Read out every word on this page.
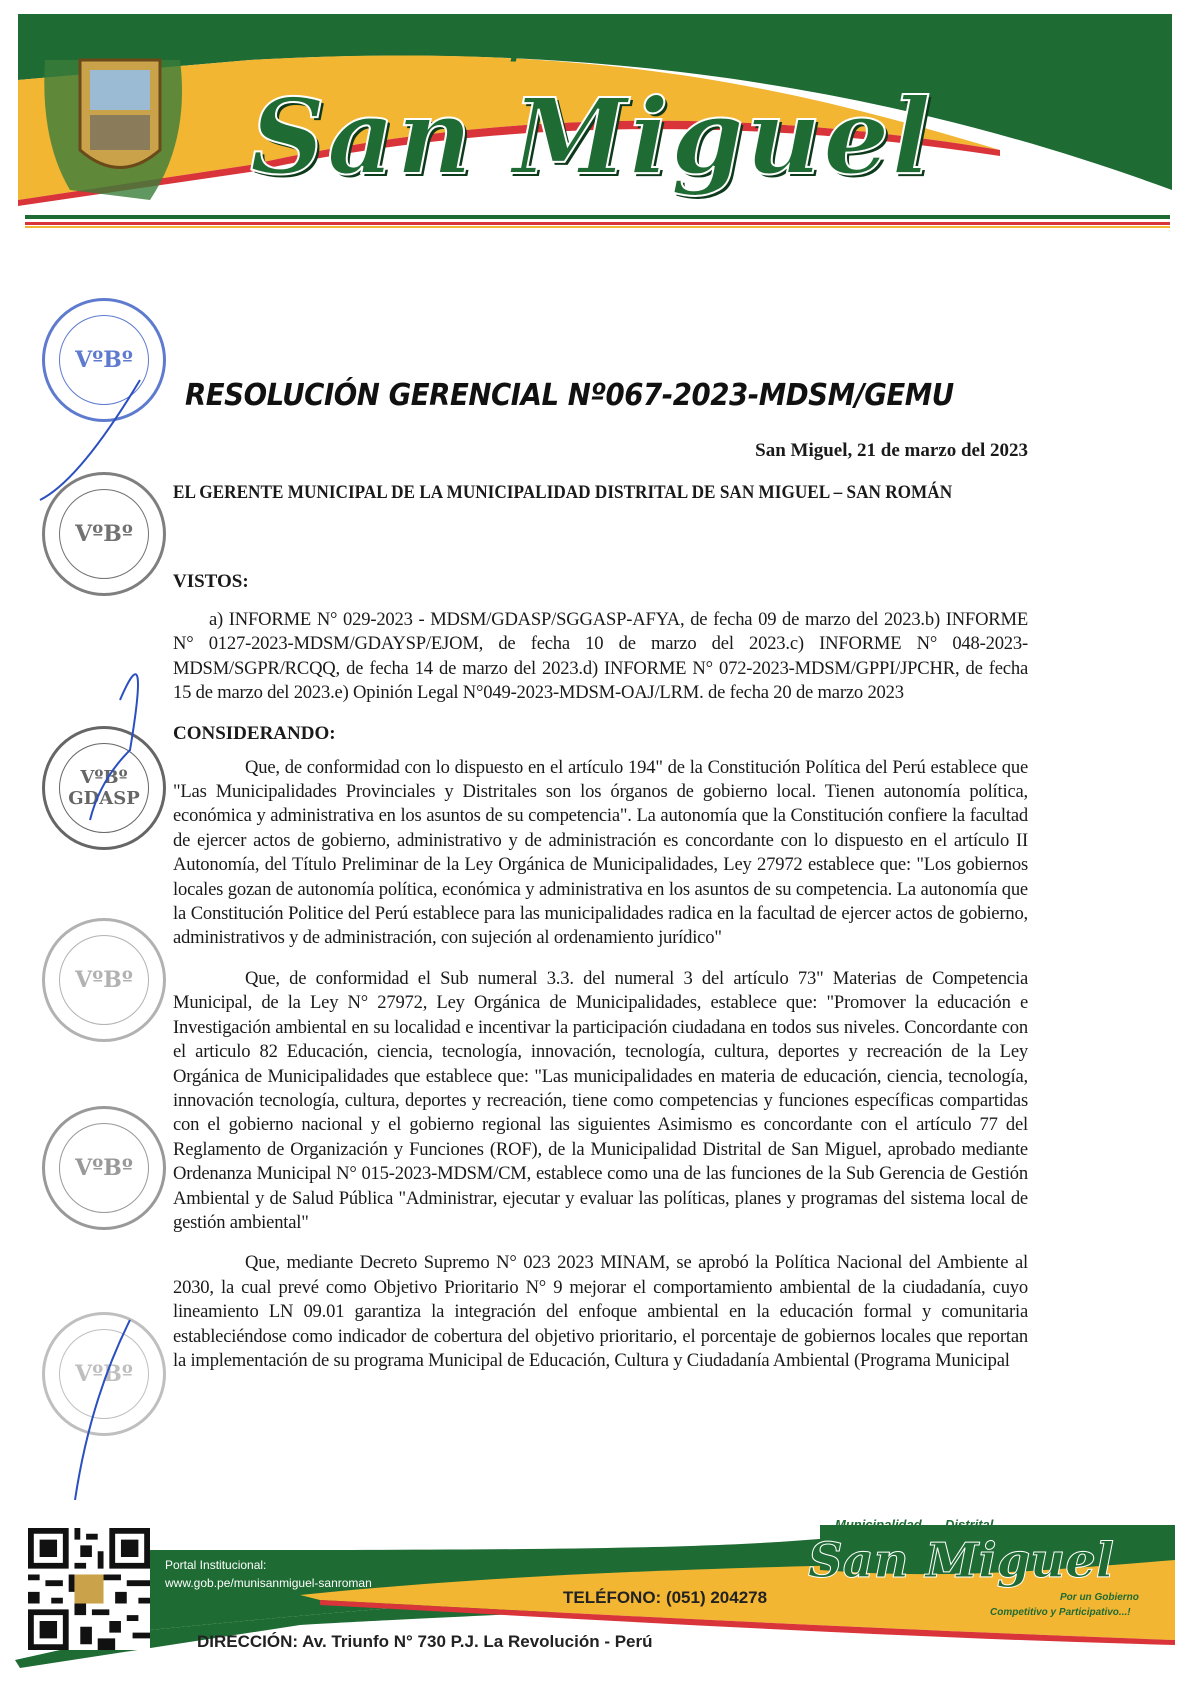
Municipalidad Distrital
San Miguel
VºBº
VºBº
VºBº GDASP
VºBº
VºBº
VºBº
RESOLUCIÓN GERENCIAL Nº067-2023-MDSM/GEMU
San Miguel, 21 de marzo del 2023
EL GERENTE MUNICIPAL DE LA MUNICIPALIDAD DISTRITAL DE SAN MIGUEL – SAN ROMÁN
VISTOS:
a) INFORME N° 029-2023 - MDSM/GDASP/SGGASP-AFYA, de fecha 09 de marzo del 2023.b) INFORME N° 0127-2023-MDSM/GDAYSP/EJOM, de fecha 10 de marzo del 2023.c) INFORME N° 048-2023-MDSM/SGPR/RCQQ, de fecha 14 de marzo del 2023.d) INFORME N° 072-2023-MDSM/GPPI/JPCHR, de fecha 15 de marzo del 2023.e) Opinión Legal N°049-2023-MDSM-OAJ/LRM. de fecha 20 de marzo 2023
CONSIDERANDO:
Que, de conformidad con lo dispuesto en el artículo 194" de la Constitución Política del Perú establece que "Las Municipalidades Provinciales y Distritales son los órganos de gobierno local. Tienen autonomía política, económica y administrativa en los asuntos de su competencia". La autonomía que la Constitución confiere la facultad de ejercer actos de gobierno, administrativo y de administración es concordante con lo dispuesto en el artículo II Autonomía, del Título Preliminar de la Ley Orgánica de Municipalidades, Ley 27972 establece que: "Los gobiernos locales gozan de autonomía política, económica y administrativa en los asuntos de su competencia. La autonomía que la Constitución Politice del Perú establece para las municipalidades radica en la facultad de ejercer actos de gobierno, administrativos y de administración, con sujeción al ordenamiento jurídico"
Que, de conformidad el Sub numeral 3.3. del numeral 3 del artículo 73" Materias de Competencia Municipal, de la Ley N° 27972, Ley Orgánica de Municipalidades, establece que: "Promover la educación e Investigación ambiental en su localidad e incentivar la participación ciudadana en todos sus niveles. Concordante con el articulo 82 Educación, ciencia, tecnología, innovación, tecnología, cultura, deportes y recreación de la Ley Orgánica de Municipalidades que establece que: "Las municipalidades en materia de educación, ciencia, tecnología, innovación tecnología, cultura, deportes y recreación, tiene como competencias y funciones específicas compartidas con el gobierno nacional y el gobierno regional las siguientes Asimismo es concordante con el artículo 77 del Reglamento de Organización y Funciones (ROF), de la Municipalidad Distrital de San Miguel, aprobado mediante Ordenanza Municipal N° 015-2023-MDSM/CM, establece como una de las funciones de la Sub Gerencia de Gestión Ambiental y de Salud Pública "Administrar, ejecutar y evaluar las políticas, planes y programas del sistema local de gestión ambiental"
Que, mediante Decreto Supremo N° 023 2023 MINAM, se aprobó la Política Nacional del Ambiente al 2030, la cual prevé como Objetivo Prioritario N° 9 mejorar el comportamiento ambiental de la ciudadanía, cuyo lineamiento LN 09.01 garantiza la integración del enfoque ambiental en la educación formal y comunitaria estableciéndose como indicador de cobertura del objetivo prioritario, el porcentaje de gobiernos locales que reportan la implementación de su programa Municipal de Educación, Cultura y Ciudadanía Ambiental (Programa Municipal
Portal Institucional:
www.gob.pe/munisanmiguel-sanroman
TELÉFONO: (051) 204278
DIRECCIÓN: Av. Triunfo N° 730 P.J. La Revolución - Perú
Municipalidad Distrital
San Miguel
Por un Gobierno
Competitivo y Participativo...!
